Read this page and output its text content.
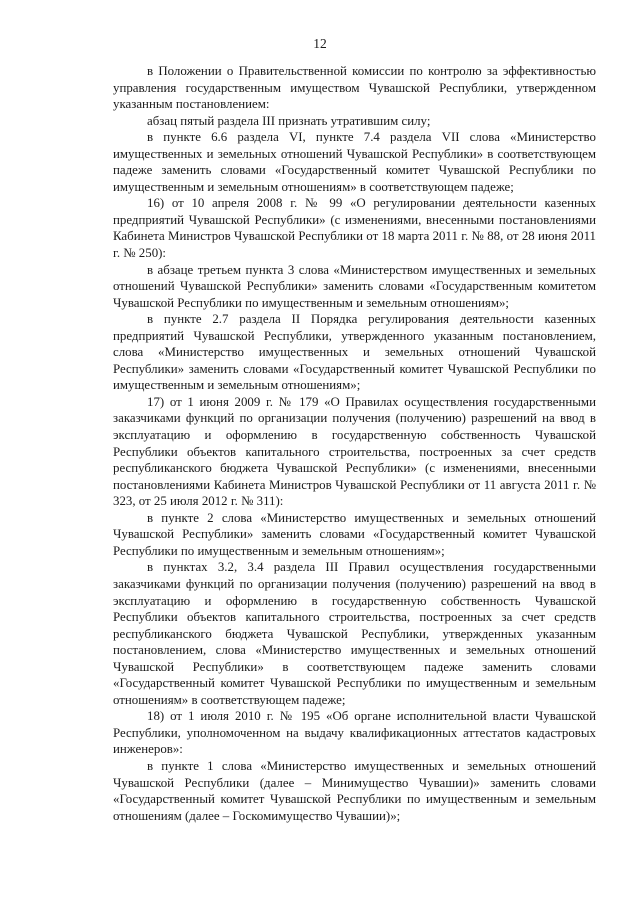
12

в Положении о Правительственной комиссии по контролю за эффективностью управления государственным имуществом Чувашской Республики, утвержденном указанным постановлением:

абзац пятый раздела III признать утратившим силу;

в пункте 6.6 раздела VI, пункте 7.4 раздела VII слова «Министерство имущественных и земельных отношений Чувашской Республики» в соответствующем падеже заменить словами «Государственный комитет Чувашской Республики по имущественным и земельным отношениям» в соответствующем падеже;

16) от 10 апреля 2008 г. № 99 «О регулировании деятельности казенных предприятий Чувашской Республики» (с изменениями, внесенными постановлениями Кабинета Министров Чувашской Республики от 18 марта 2011 г. № 88, от 28 июня 2011 г. № 250):

в абзаце третьем пункта 3 слова «Министерством имущественных и земельных отношений Чувашской Республики» заменить словами «Государственным комитетом Чувашской Республики по имущественным и земельным отношениям»;

в пункте 2.7 раздела II Порядка регулирования деятельности казенных предприятий Чувашской Республики, утвержденного указанным постановлением, слова «Министерство имущественных и земельных отношений Чувашской Республики» заменить словами «Государственный комитет Чувашской Республики по имущественным и земельным отношениям»;

17) от 1 июня 2009 г. № 179 «О Правилах осуществления государственными заказчиками функций по организации получения (получению) разрешений на ввод в эксплуатацию и оформлению в государственную собственность Чувашской Республики объектов капитального строительства, построенных за счет средств республиканского бюджета Чувашской Республики» (с изменениями, внесенными постановлениями Кабинета Министров Чувашской Республики от 11 августа 2011 г. № 323, от 25 июля 2012 г. № 311):

в пункте 2 слова «Министерство имущественных и земельных отношений Чувашской Республики» заменить словами «Государственный комитет Чувашской Республики по имущественным и земельным отношениям»;

в пунктах 3.2, 3.4 раздела III Правил осуществления государственными заказчиками функций по организации получения (получению) разрешений на ввод в эксплуатацию и оформлению в государственную собственность Чувашской Республики объектов капитального строительства, построенных за счет средств республиканского бюджета Чувашской Республики, утвержденных указанным постановлением, слова «Министерство имущественных и земельных отношений Чувашской Республики» в соответствующем падеже заменить словами «Государственный комитет Чувашской Республики по имущественным и земельным отношениям» в соответствующем падеже;

18) от 1 июля 2010 г. № 195 «Об органе исполнительной власти Чувашской Республики, уполномоченном на выдачу квалификационных аттестатов кадастровых инженеров»:

в пункте 1 слова «Министерство имущественных и земельных отношений Чувашской Республики (далее – Минимущество Чувашии)» заменить словами «Государственный комитет Чувашской Республики по имущественным и земельным отношениям (далее – Госкомимущество Чувашии)»;
